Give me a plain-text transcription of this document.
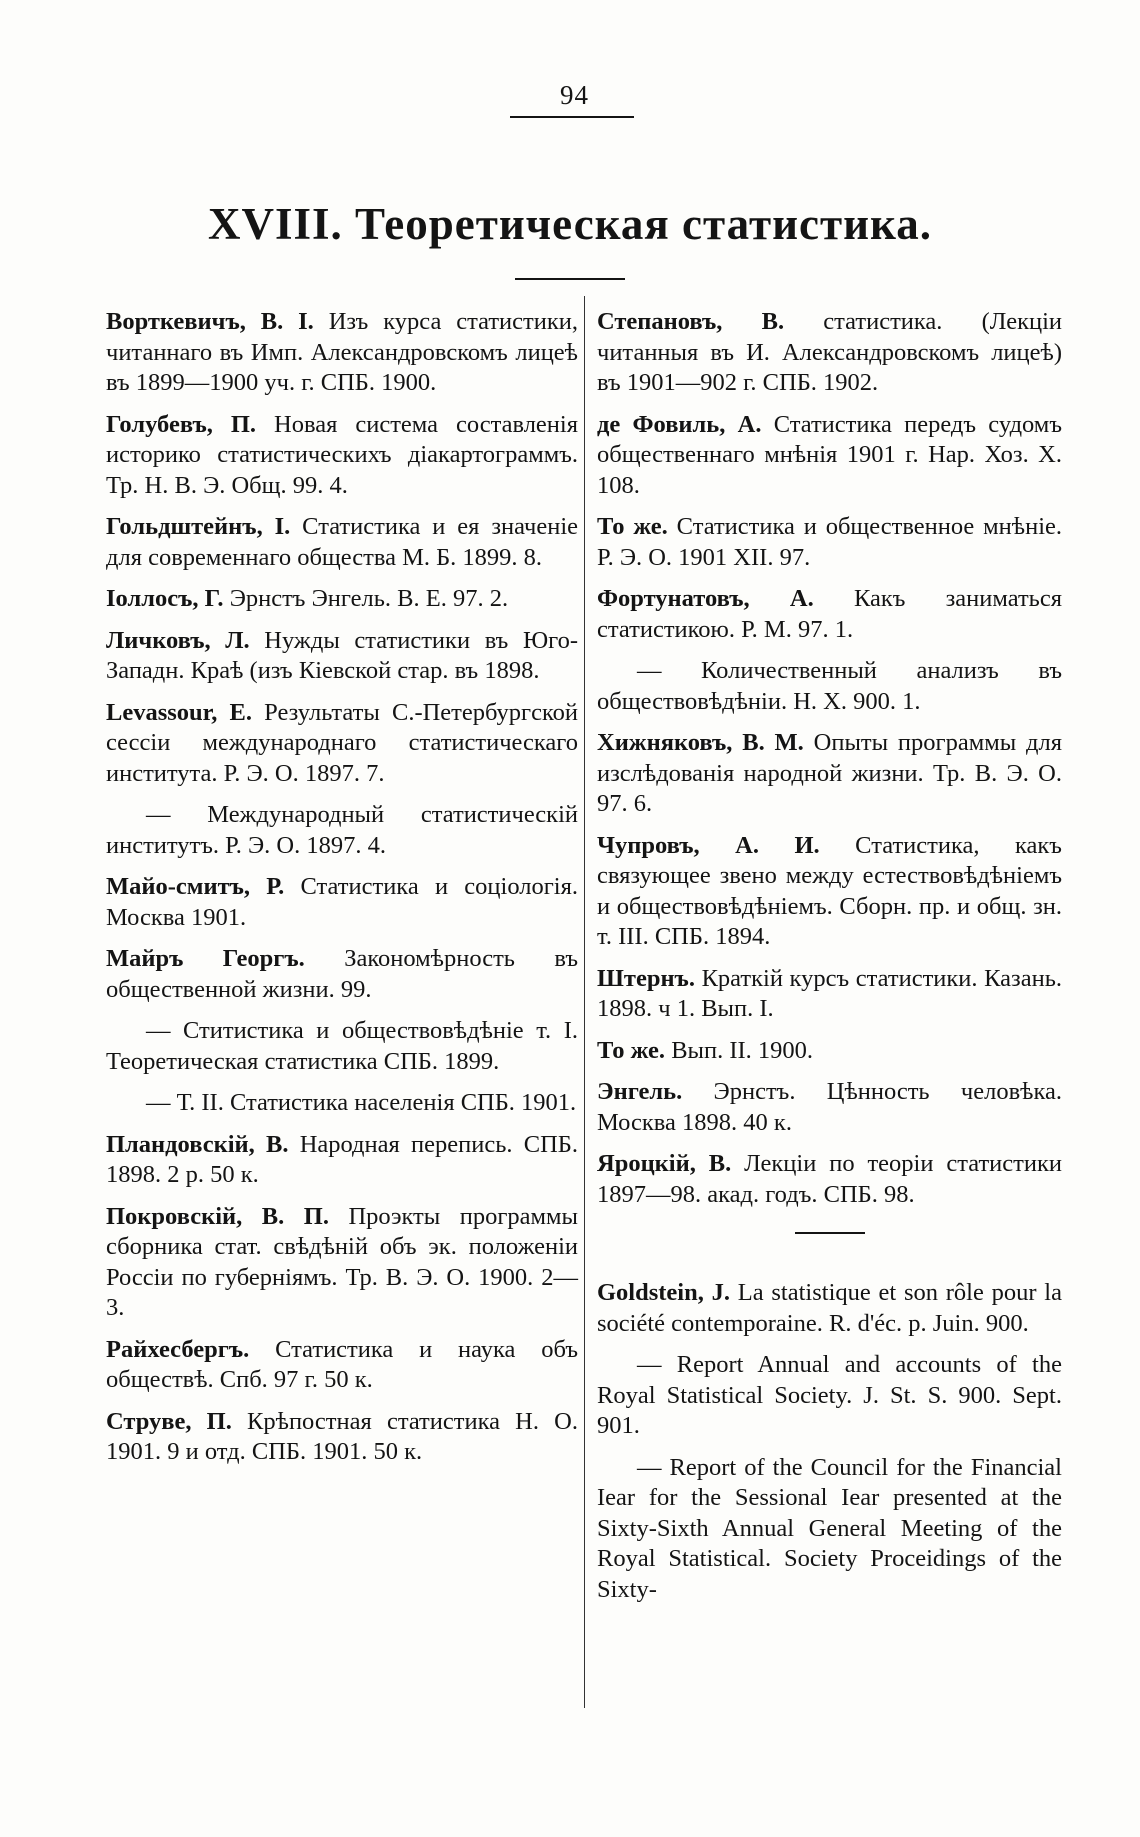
94
XVIII. Теоретическая статистика.
Ворткевичъ, В. I. Изъ курса статистики, читаннаго въ Имп. Александровскомъ лицеѣ въ 1899—1900 уч. г. СПБ. 1900.
Голубевъ, П. Новая система составленія историко статистическихъ діакартограммъ. Тр. Н. В. Э. Общ. 99. 4.
Гольдштейнъ, I. Статистика и ея значеніе для современнаго общества М. Б. 1899. 8.
Iоллосъ, Г. Эрнстъ Энгель. В. Е. 97. 2.
Личковъ, Л. Нужды статистики въ Юго-Западн. Краѣ (изъ Кіевской стар. въ 1898.
Levassour, Е. Результаты С.-Петербургской сессіи международнаго статистическаго института. Р. Э. О. 1897. 7.
— Международный статистическій институтъ. Р. Э. О. 1897. 4.
Майо-смитъ, Р. Статистика и соціологія. Москва 1901.
Майръ Георгъ. Закономѣрность въ общественной жизни. 99.
— Ститистика и обществовѣдѣніе т. I. Теоретическая статистика СПБ. 1899.
— Т. II. Статистика населенія СПБ. 1901.
Пландовскій, В. Народная перепись. СПБ. 1898. 2 р. 50 к.
Покровскій, В. П. Проэкты программы сборника стат. свѣдѣній объ эк. положеніи Россіи по губерніямъ. Тр. В. Э. О. 1900. 2—3.
Райхесбергъ. Статистика и наука объ обществѣ. Спб. 97 г. 50 к.
Струве, П. Крѣпостная статистика Н. О. 1901. 9 и отд. СПБ. 1901. 50 к.
Степановъ, В. статистика. (Лекціи читанныя въ И. Александровскомъ лицеѣ) въ 1901—902 г. СПБ. 1902.
де Фовиль, А. Статистика передъ судомъ общественнаго мнѣнія 1901 г. Нар. Хоз. X. 108.
То же. Статистика и общественное мнѣніе. Р. Э. О. 1901 XII. 97.
Фортунатовъ, А. Какъ заниматься статистикою. Р. М. 97. 1.
— Количественный анализъ въ обществовѣдѣніи. Н. X. 900. 1.
Хижняковъ, В. М. Опыты программы для изслѣдованія народной жизни. Тр. В. Э. О. 97. 6.
Чупровъ, А. И. Статистика, какъ связующее звено между естествовѣдѣніемъ и обществовѣдѣніемъ. Сборн. пр. и общ. зн. т. III. СПБ. 1894.
Штернъ. Краткій курсъ статистики. Казань. 1898. ч 1. Вып. I.
То же. Вып. II. 1900.
Энгель. Эрнстъ. Цѣнность человѣка. Москва 1898. 40 к.
Яроцкій, В. Лекціи по теоріи статистики 1897—98. акад. годъ. СПБ. 98.
Goldstein, J. La statistique et son rôle pour la société contemporaine. R. d'éc. p. Juin. 900.
— Report Annual and accounts of the Royal Statistical Society. J. St. S. 900. Sept. 901.
— Report of the Council for the Financial Iear for the Sessional Iear presented at the Sixty-Sixth Annual General Meeting of the Royal Statistical. Society Proceidings of the Sixty-
